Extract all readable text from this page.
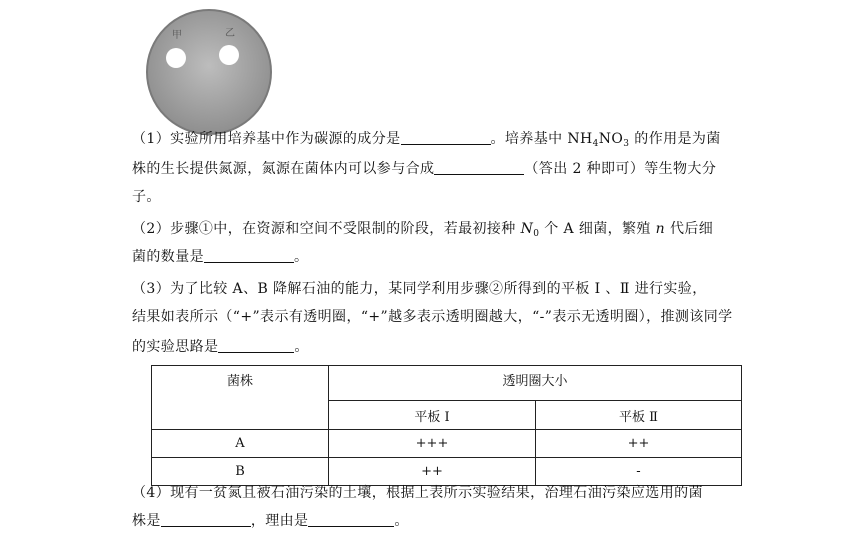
甲	乙
（1）实验所用培养基中作为碳源的成分是	。培养基中 $NH_4NO_3$ 的作用是为菌
株的生长提供氮源，氮源在菌体内可以参与合成	（答出 2 种即可）等生物大分
子。
（2）步骤①中，在资源和空间不受限制的阶段，若最初接种 $N_0$ 个 A 细菌，繁殖 n 代后细
菌的数量是	。
（3）为了比较 A、B 降解石油的能力，某同学利用步骤②所得到的平板 Ⅰ 、Ⅱ 进行实验，
结果如表所示（“+”表示有透明圈，“+”越多表示透明圈越大，“-”表示无透明圈），推测该同学
的实验思路是	。
菌株	透明圈大小	
	平板 Ⅰ	平板 Ⅱ
A	+++	++
B	++	-
（4）现有一贫氮且被石油污染的土壤，根据上表所示实验结果，治理石油污染应选用的菌
株是	，理由是	。
